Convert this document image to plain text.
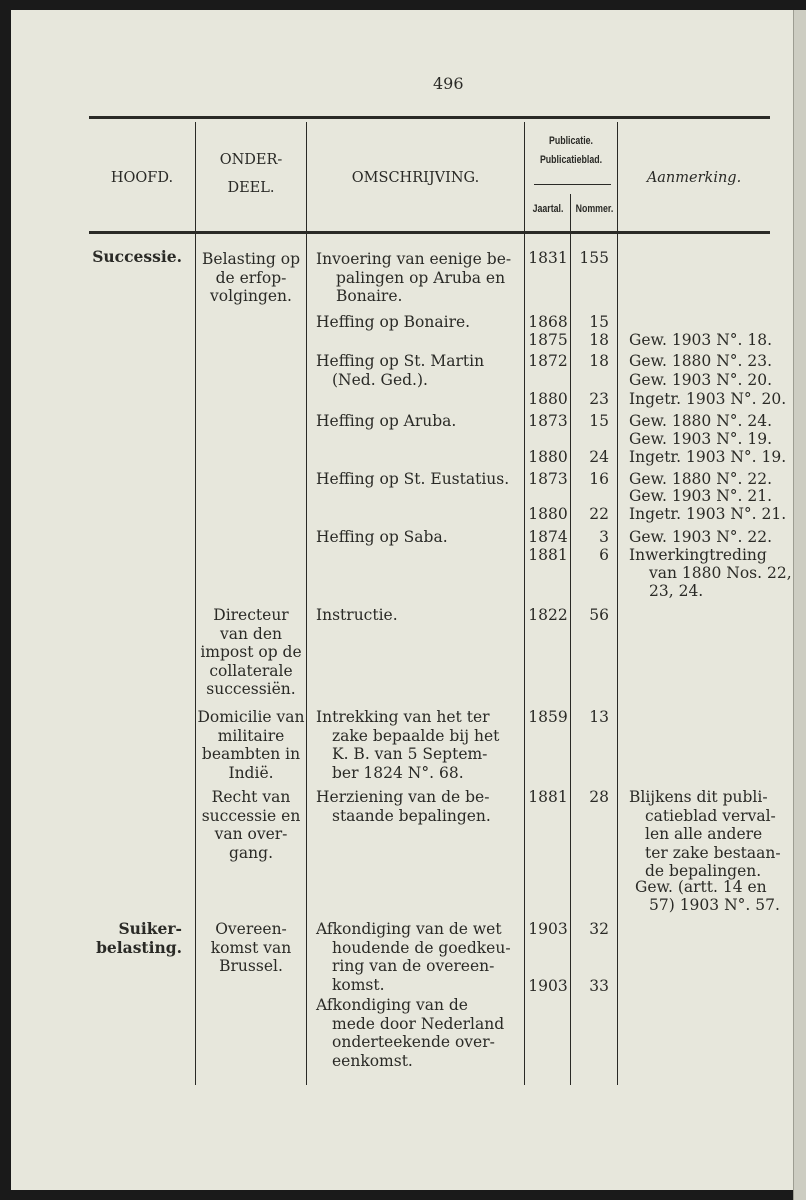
496
HOOFD.
ONDER-
DEEL.
OMSCHRIJVING.
Publicatie.
Publicatieblad.
Jaartal. Nommer.
Aanmerking.
Successie.
Suiker-
belasting.
Belasting op
de erfop-
volgingen.
Directeur
van den
impost op de
collaterale
successiën.
Domicilie van
militaire
beambten in
Indië.
Recht van
successie en
van over-
gang.
Overeen-
komst van
Brussel.
Invoering van eenige be-
palingen op Aruba en
Bonaire.
Heffing op Bonaire.
Heffing op St. Martin
(Ned. Ged.).
Heffing op Aruba.
Heffing op St. Eustatius.
Heffing op Saba.
Instructie.
Intrekking van het ter
zake bepaalde bij het
K. B. van 5 Septem-
ber 1824 N°. 68.
Herziening van de be-
staande bepalingen.
Afkondiging van de wet
houdende de goedkeu-
ring van de overeen-
komst.
Afkondiging van de
mede door Nederland
onderteekende over-
eenkomst.
1831
1868
1875
1872
1880
1873
1880
1873
1880
1874
1881
1822
1859
1881
1903
1903
155
15
18
18
23
15
24
16
22
3
6
56
13
28
32
33
Gew. 1903 N°. 18.
Gew. 1880 N°. 23.
Gew. 1903 N°. 20.
Ingetr. 1903 N°. 20.
Gew. 1880 N°. 24.
Gew. 1903 N°. 19.
Ingetr. 1903 N°. 19.
Gew. 1880 N°. 22.
Gew. 1903 N°. 21.
Ingetr. 1903 N°. 21.
Gew. 1903 N°. 22.
Inwerkingtreding
van 1880 Nos. 22,
23, 24.
Blijkens dit publi-
catieblad verval-
len alle andere
ter zake bestaan-
de bepalingen.
Gew. (artt. 14 en
57) 1903 N°. 57.
